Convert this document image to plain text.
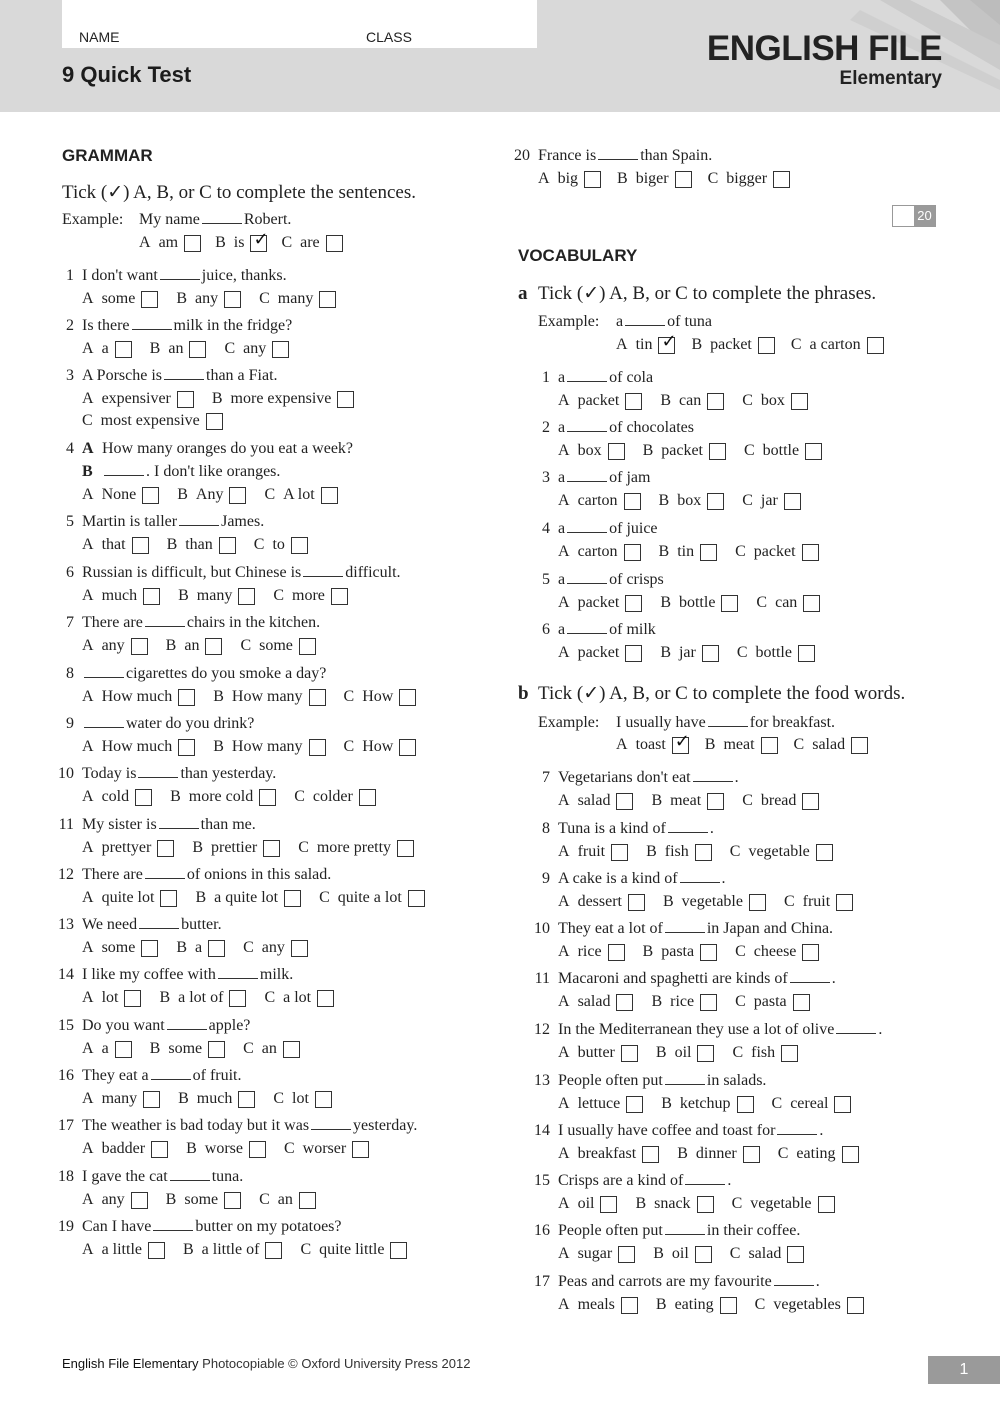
NAME	CLASS
9 Quick Test
ENGLISH FILE
Elementary
20
English File Elementary Photocopiable © Oxford University Press 2012	1
GRAMMAR
Tick (✓) A, B, or C to complete the sentences.
Example: My name	Robert.
A am B is ✓ C are
1 I don't want	juice, thanks.
A some	B any	C many
2 Is there	milk in the fridge?
A a	B an	C any
3 A Porsche is	than a Fiat.
A expensiver	B more expensive
C most expensive
4 A How many oranges do you eat a week?
B	. I don't like oranges.
A None	B Any	C A lot
5 Martin is taller	James.
A that	B than	C to
6 Russian is difficult, but Chinese is	difficult.
A much	B many	C more
7 There are	chairs in the kitchen.
A any	B an	C some
8	cigarettes do you smoke a day?
A How much	B How many	C How
9	water do you drink?
A How much	B How many	C How
10 Today is	than yesterday.
A cold	B more cold	C colder
11 My sister is	than me.
A prettyer	B prettier	C more pretty
12 There are	of onions in this salad.
A quite lot	B a quite lot	C quite a lot
13 We need	butter.
A some	B a	C any
14 I like my coffee with	milk.
A lot	B a lot of	C a lot
15 Do you want	apple?
A a	B some	C an
16 They eat a	of fruit.
A many	B much	C lot
17 The weather is bad today but it was	yesterday.
A badder	B worse	C worser
18 I gave the cat	tuna.
A any	B some	C an
19 Can I have	butter on my potatoes?
A a little	B a little of	C quite little
20 France is	than Spain.
A big B biger C bigger
VOCABULARY
a Tick (✓) A, B, or C to complete the phrases.
Example: a	of tuna
A tin ✓ B packet C a carton
1 a	of cola
A packet	B can	C box
2 a	of chocolates
A box	B packet	C bottle
3 a	of jam
A carton	B box	C jar
4 a	of juice
A carton	B tin	C packet
5 a	of crisps
A packet	B bottle	C can
6 a	of milk
A packet	B jar	C bottle
b Tick (✓) A, B, or C to complete the food words.
Example: I usually have	for breakfast.
A toast ✓ B meat C salad
7 Vegetarians don't eat	.
A salad	B meat	C bread
8 Tuna is a kind of	.
A fruit	B fish	C vegetable
9 A cake is a kind of	.
A dessert	B vegetable	C fruit
10 They eat a lot of	in Japan and China.
A rice	B pasta	C cheese
11 Macaroni and spaghetti are kinds of	.
A salad	B rice	C pasta
12 In the Mediterranean they use a lot of olive	.
A butter	B oil	C fish
13 People often put	in salads.
A lettuce	B ketchup	C cereal
14 I usually have coffee and toast for	.
A breakfast	B dinner	C eating
15 Crisps are a kind of	.
A oil	B snack	C vegetable
16 People often put	in their coffee.
A sugar	B oil	C salad
17 Peas and carrots are my favourite	.
A meals	B eating	C vegetables
